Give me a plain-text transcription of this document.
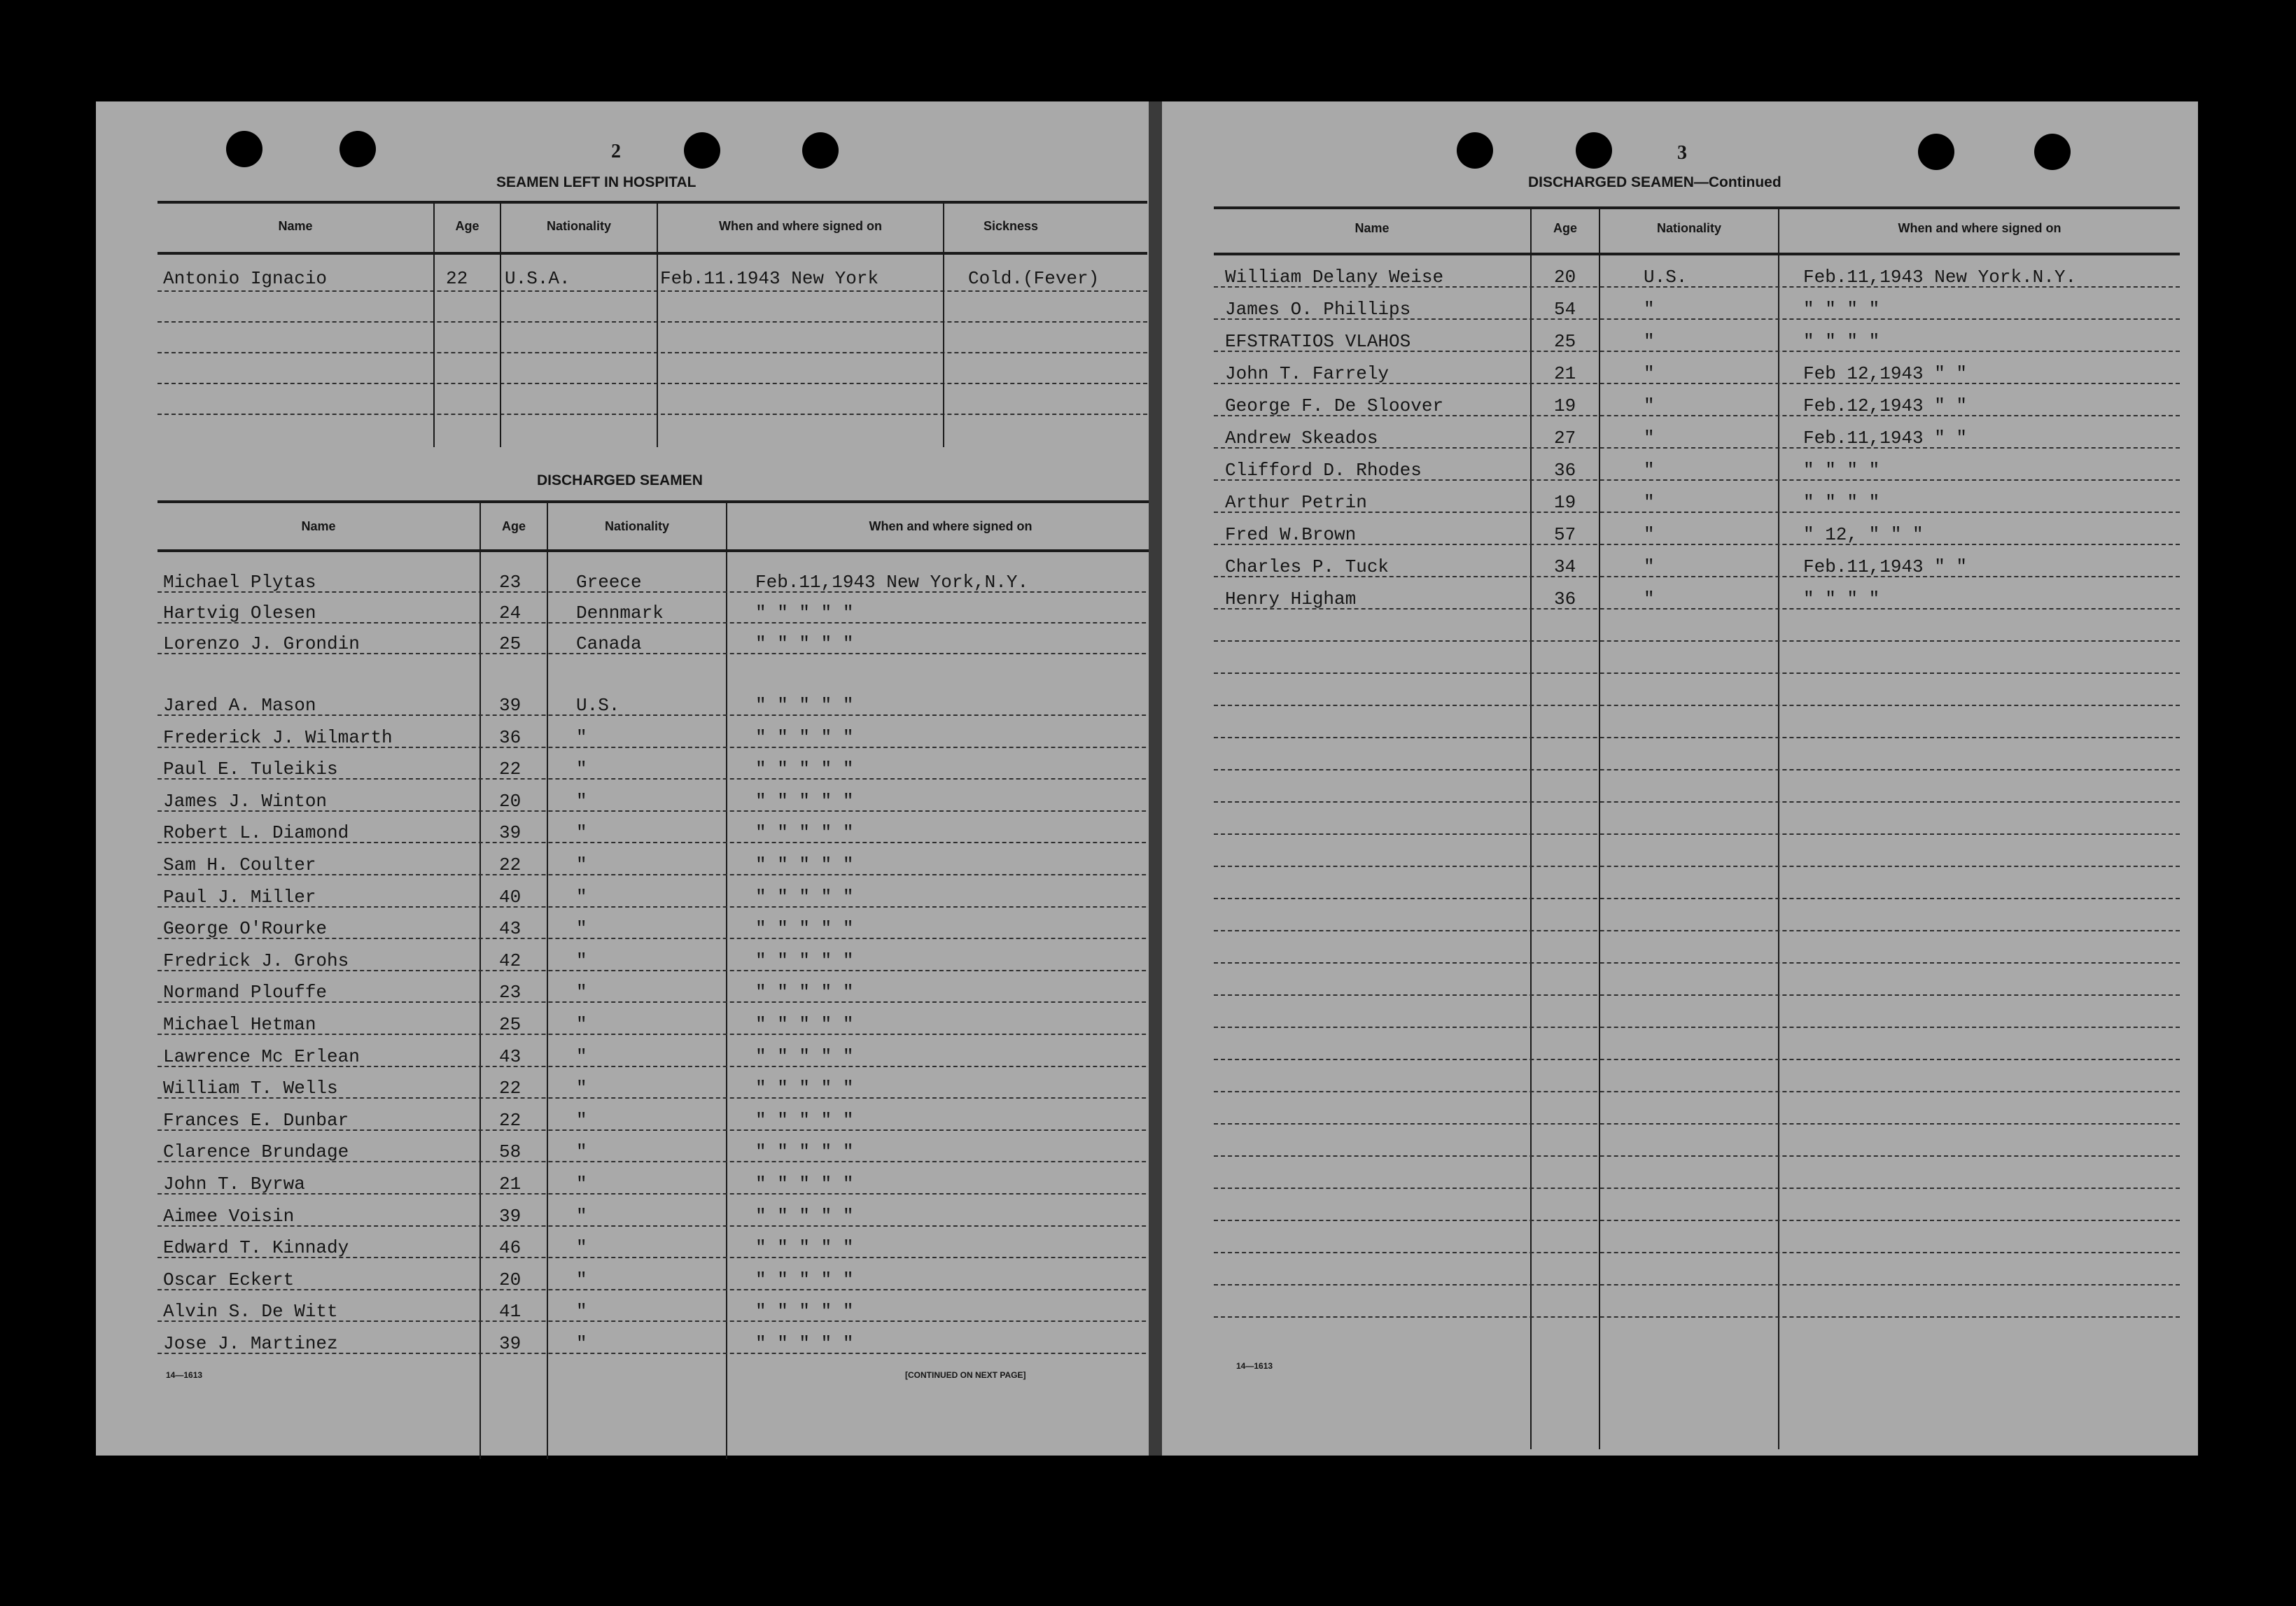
2
SEAMEN LEFT IN HOSPITAL
Name	Age	Nationality	When and where signed on	Sickness
Antonio Ignacio	22 U.S.A.	Feb.11.1943 New York	Cold.(Fever)
DISCHARGED SEAMEN
Name	Age	Nationality	When and where signed on
Michael Plytas	23	Greece	Feb.11,1943 New York,N.Y.
Hartvig Olesen	24	Dennmark	" " " " "
Lorenzo J. Grondin	25	Canada	" " " " "
Jared A. Mason	39	U.S.	" " " " "
Frederick J. Wilmarth	36	"	" " " " "
Paul E. Tuleikis	22	"	" " " " "
James J. Winton	20	"	" " " " "
Robert L. Diamond	39	"	" " " " "
Sam H. Coulter	22	"	" " " " "
Paul J. Miller	40	"	" " " " "
George O'Rourke	43	"	" " " " "
Fredrick J. Grohs	42	"	" " " " "
Normand Plouffe	23	"	" " " " "
Michael Hetman	25	"	" " " " "
Lawrence Mc Erlean	43	"	" " " " "
William T. Wells	22	"	" " " " "
Frances E. Dunbar	22	"	" " " " "
Clarence Brundage	58	"	" " " " "
John T. Byrwa	21	"	" " " " "
Aimee Voisin	39	"	" " " " "
Edward T. Kinnady	46	"	" " " " "
Oscar Eckert	20	"	" " " " "
Alvin S. De Witt	41	"	" " " " "
Jose J. Martinez	39	"	" " " " "
14—1613	[CONTINUED ON NEXT PAGE]
3
DISCHARGED SEAMEN—Continued
Name	Age	Nationality	When and where signed on
William Delany Weise	20	U.S.	Feb.11,1943 New York.N.Y.
James O. Phillips	54	"	" " " "
EFSTRATIOS VLAHOS	25	"	" " " "
John T. Farrely	21	"	Feb 12,1943 " "
George F. De Sloover	19	"	Feb.12,1943 " "
Andrew Skeados	27	"	Feb.11,1943 " "
Clifford D. Rhodes	36	"	" " " "
Arthur Petrin	19	"	" " " "
Fred W.Brown	57	"	" 12, " " "
Charles P. Tuck	34	"	Feb.11,1943 " "
Henry Higham	36	"	" " " "
14—1613
